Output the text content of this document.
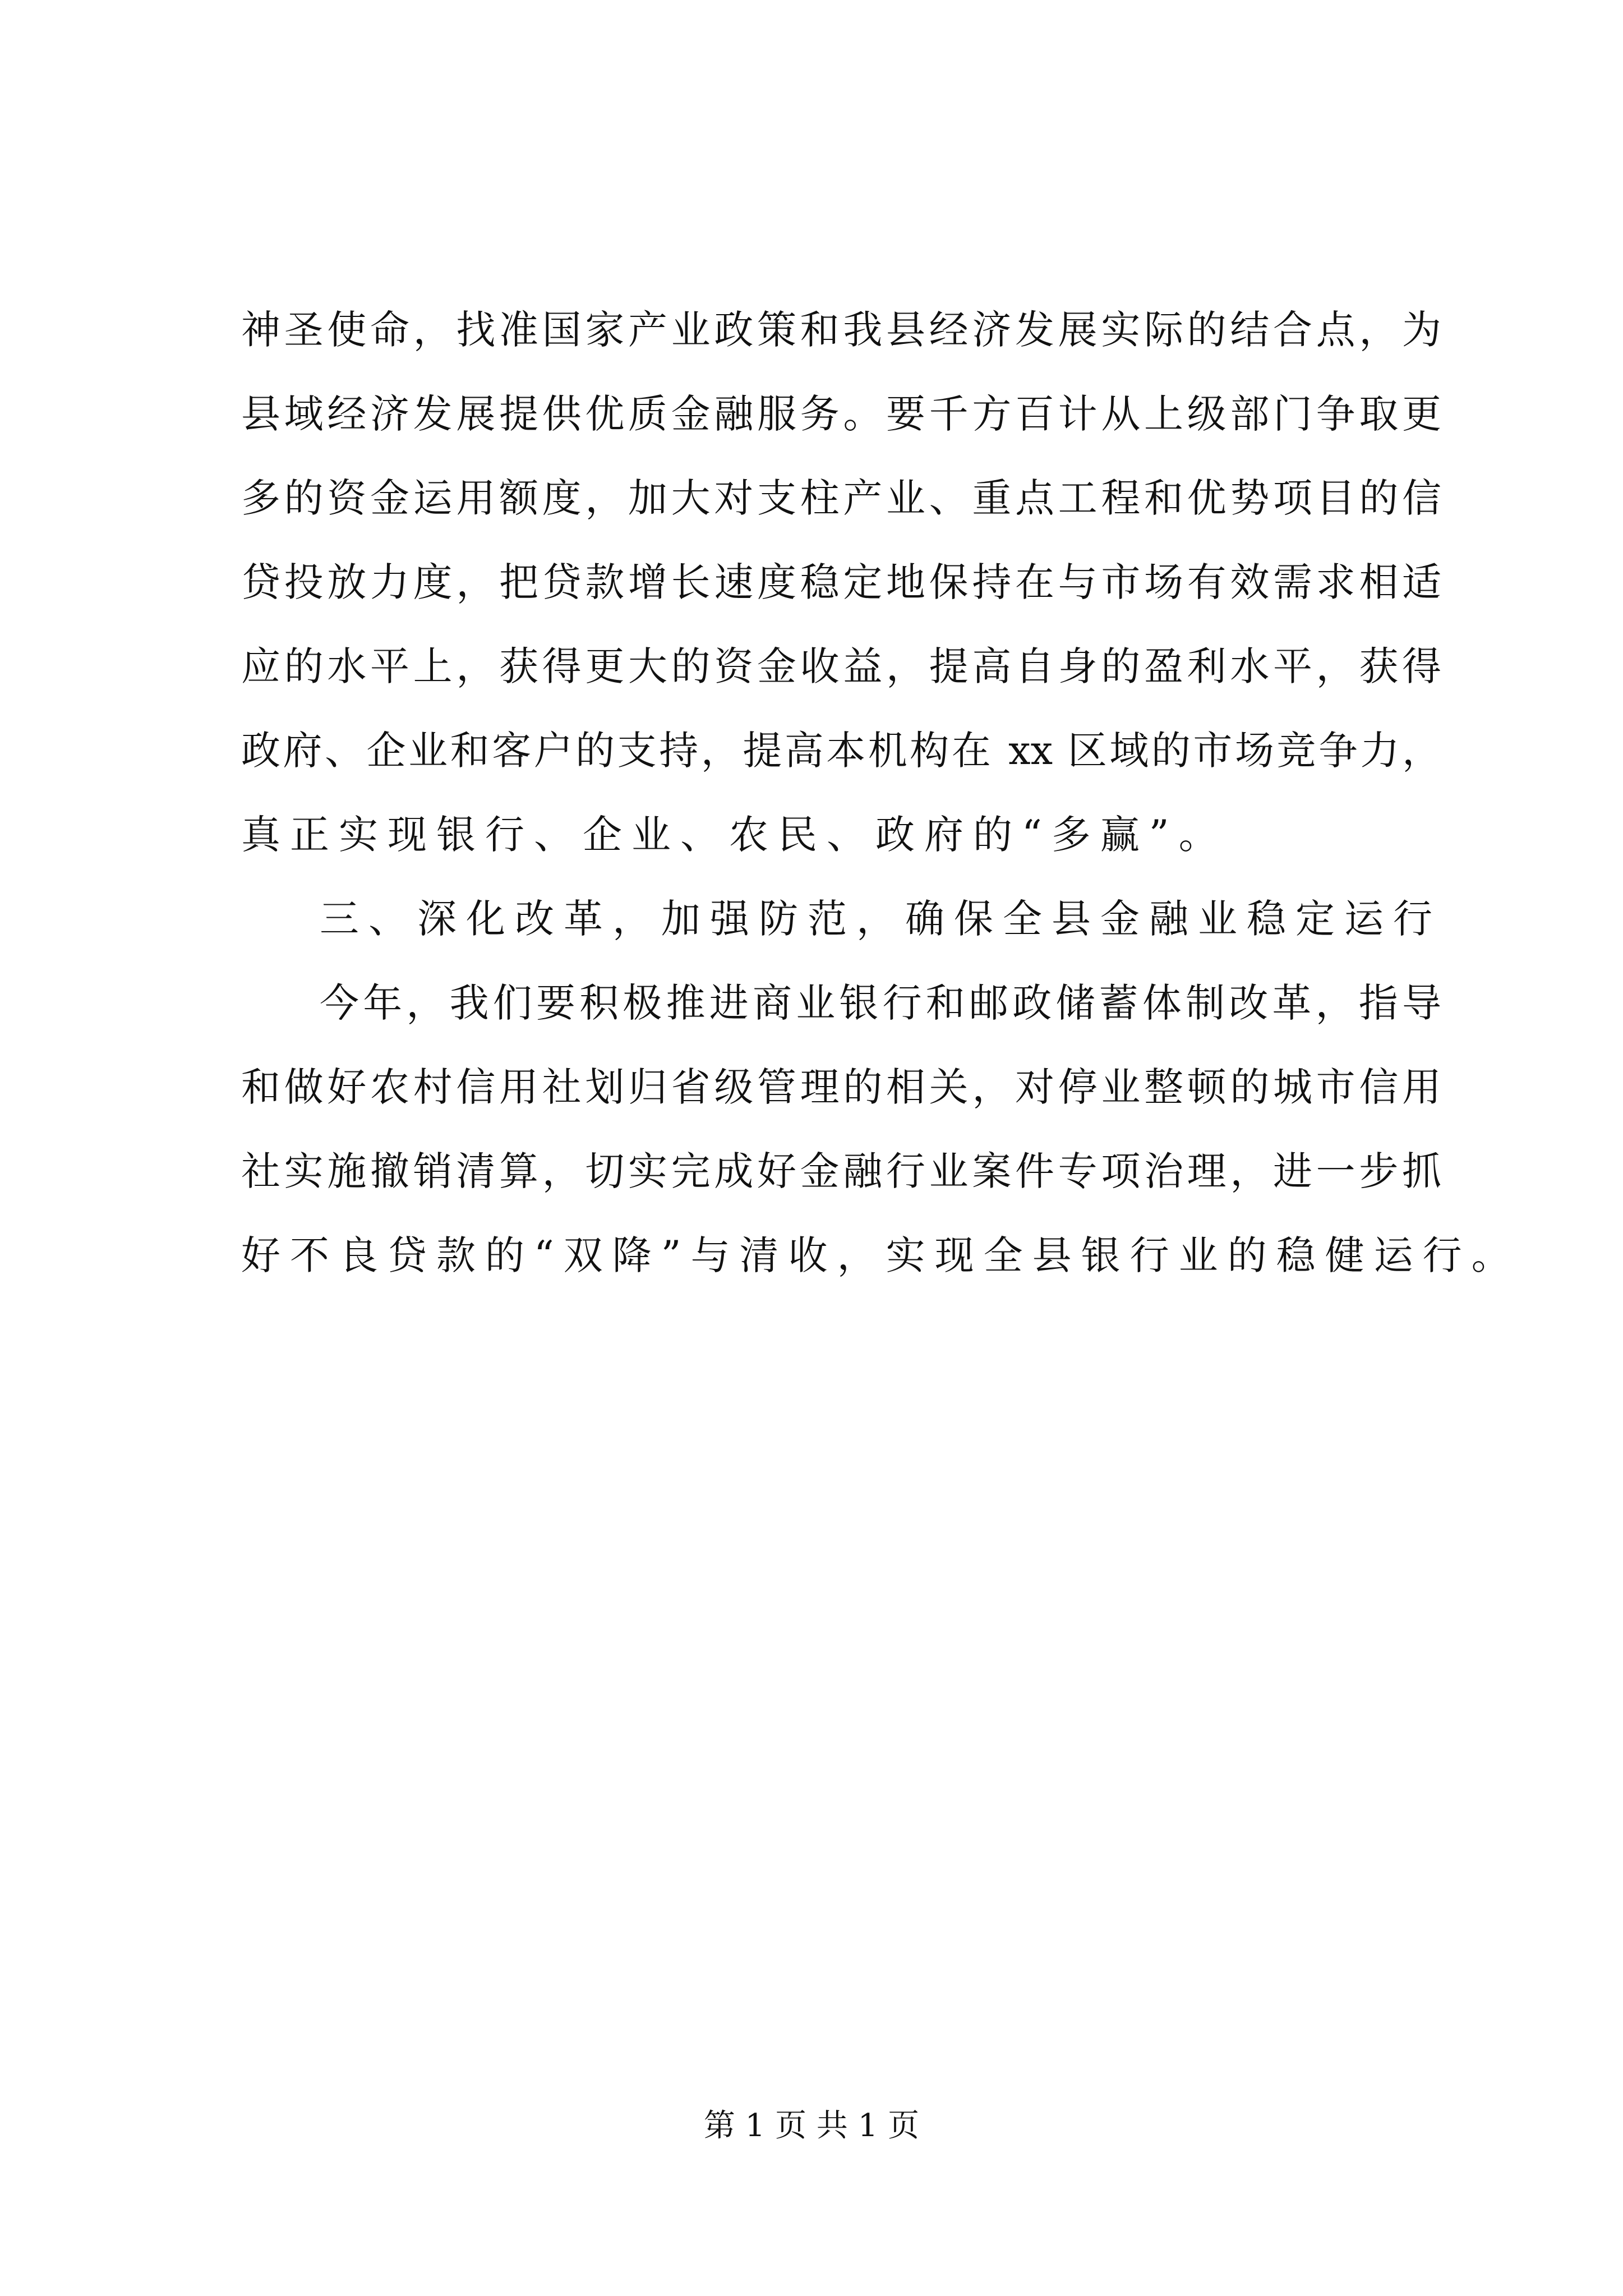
神圣使命，找准国家产业政策和我县经济发展实际的结合点，为
县域经济发展提供优质金融服务。要千方百计从上级部门争取更
多的资金运用额度，加大对支柱产业、重点工程和优势项目的信
贷投放力度，把贷款增长速度稳定地保持在与市场有效需求相适
应的水平上，获得更大的资金收益，提高自身的盈利水平，获得
政府、企业和客户的支持，提高本机构在 xx 区域的市场竞争力，
真正实现银行、企业、农民、政府的“多赢”。
三、深化改革，加强防范，确保全县金融业稳定运行
今年，我们要积极推进商业银行和邮政储蓄体制改革，指导
和做好农村信用社划归省级管理的相关，对停业整顿的城市信用
社实施撤销清算，切实完成好金融行业案件专项治理，进一步抓
好不良贷款的“双降”与清收，实现全县银行业的稳健运行。
第 1 页 共 1 页
